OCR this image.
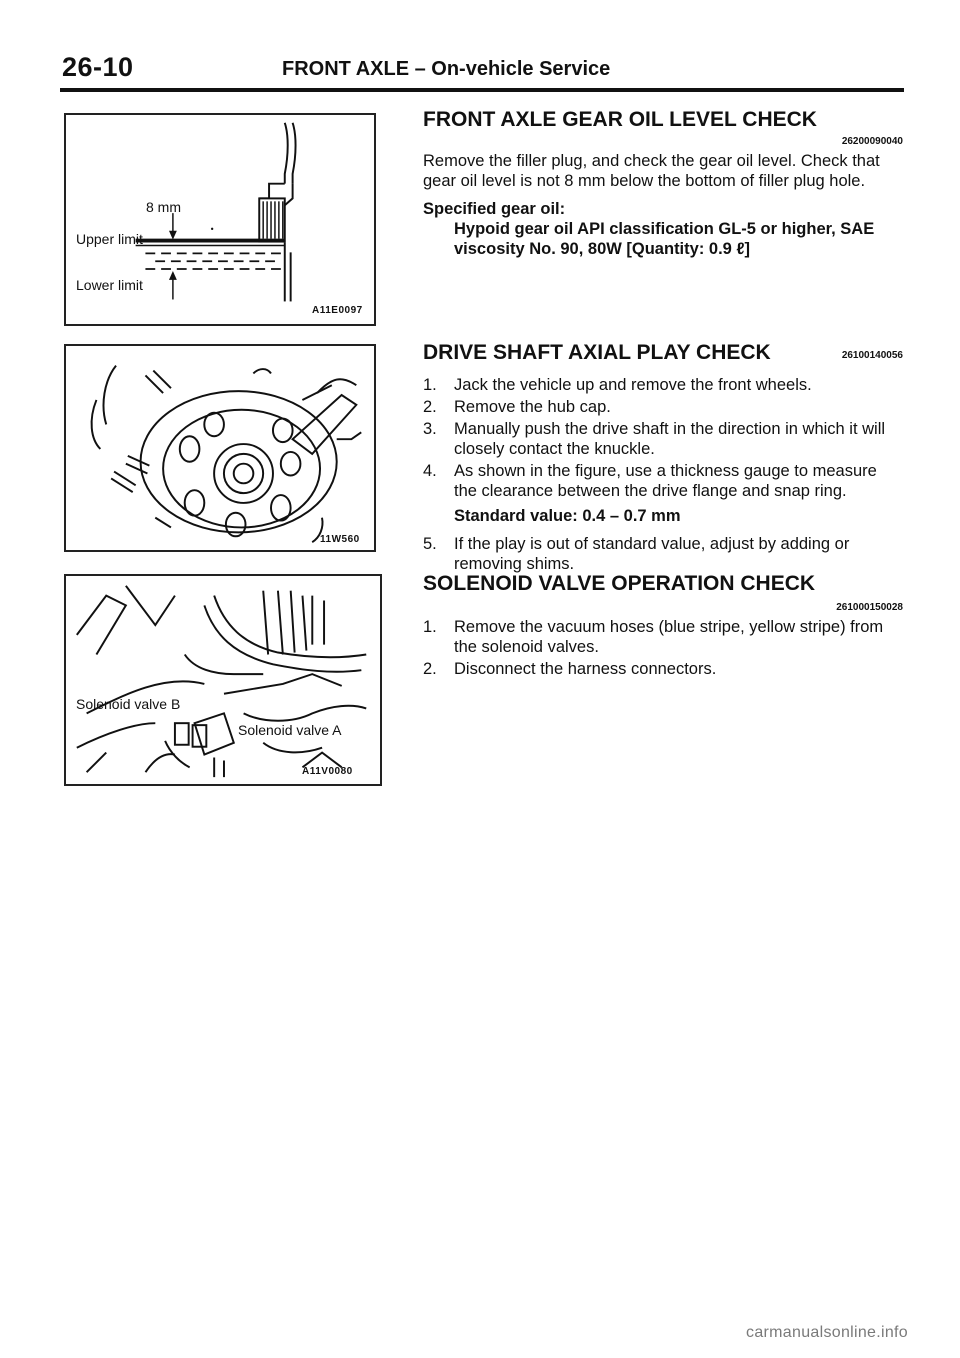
26-10	FRONT AXLE – On-vehicle Service
8 mm
Upper limit
Lower limit
A11E0097
11W560
Solenoid valve B
Solenoid valve A
A11V0080
FRONT AXLE GEAR OIL LEVEL CHECK
26200090040

Remove the filler plug, and check the gear oil level. Check that gear oil level is not 8 mm below the bottom of filler plug hole.

Specified gear oil:

Hypoid gear oil API classification GL-5 or higher, SAE viscosity No. 90, 80W [Quantity: 0.9 ℓ]

DRIVE SHAFT AXIAL PLAY CHECK	26100140056
1. Jack the vehicle up and remove the front wheels.
2. Remove the hub cap.
3. Manually push the drive shaft in the direction in which it will closely contact the knuckle.
4. As shown in the figure, use a thickness gauge to measure the clearance between the drive flange and snap ring.
Standard value: 0.4 – 0.7 mm
5. If the play is out of standard value, adjust by adding or removing shims.
SOLENOID VALVE OPERATION CHECK
261000150028
1. Remove the vacuum hoses (blue stripe, yellow stripe) from the solenoid valves.
2. Disconnect the harness connectors.
carmanualsonline.info
